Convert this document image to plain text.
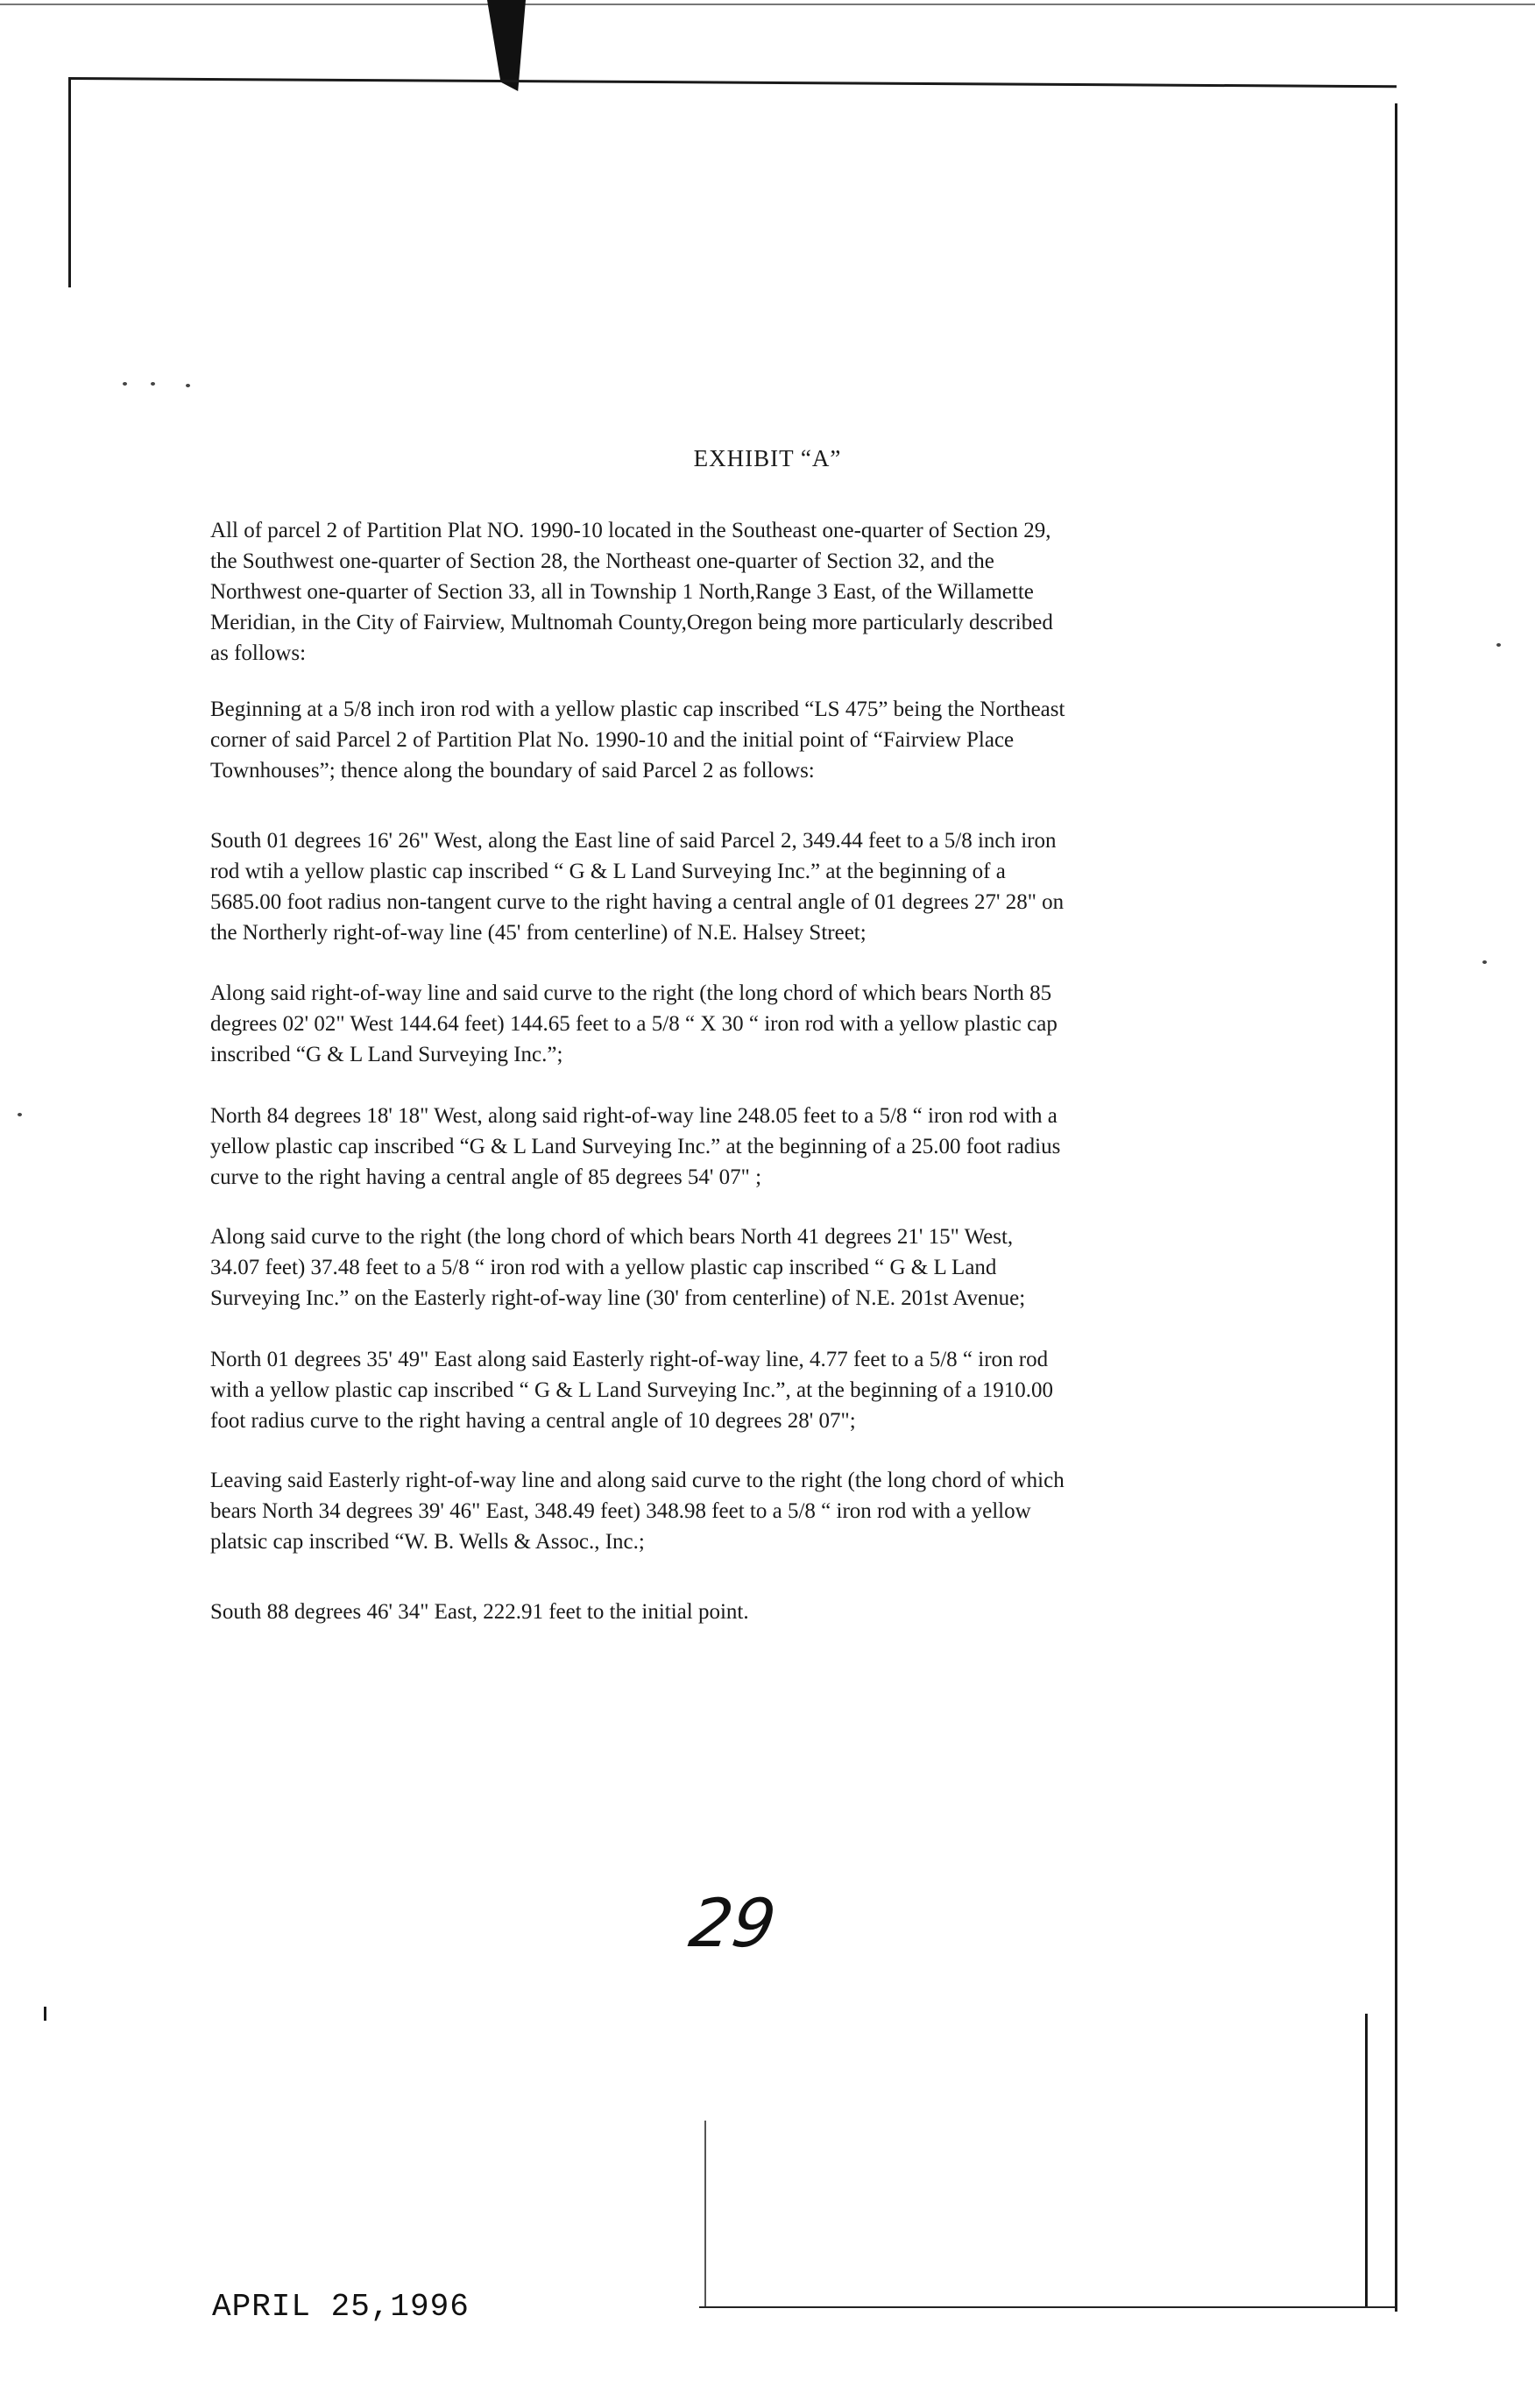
EXHIBIT “A”
All of parcel 2 of Partition Plat NO. 1990-10 located in the Southeast one-quarter of Section 29,
the Southwest one-quarter of Section 28, the Northeast one-quarter of Section 32, and the
Northwest one-quarter of Section 33, all in Township 1 North,Range 3 East, of the Willamette
Meridian, in the City of Fairview, Multnomah County,Oregon being more particularly described
as follows:
Beginning at a 5/8 inch iron rod with a yellow plastic cap inscribed “LS 475” being the Northeast
corner of said Parcel 2 of Partition Plat No. 1990-10 and the initial point of “Fairview Place
Townhouses”; thence along the boundary of said Parcel 2 as follows:
South 01 degrees 16' 26" West, along the East line of said Parcel 2, 349.44 feet to a 5/8 inch iron
rod wtih a yellow plastic cap inscribed “ G & L Land Surveying Inc.” at the beginning of a
5685.00 foot radius non-tangent curve to the right having a central angle of 01 degrees 27' 28" on
the Northerly right-of-way line (45' from centerline) of N.E. Halsey Street;
Along said right-of-way line and said curve to the right (the long chord of which bears North 85
degrees 02' 02" West 144.64 feet) 144.65 feet to a 5/8 “ X 30 “ iron rod with a yellow plastic cap
inscribed “G & L Land Surveying Inc.”;
North 84 degrees 18' 18" West, along said right-of-way line 248.05 feet to a 5/8 “ iron rod with a
yellow plastic cap inscribed “G & L Land Surveying Inc.” at the beginning of a 25.00 foot radius
curve to the right having a central angle of 85 degrees 54' 07" ;
Along said curve to the right (the long chord of which bears North 41 degrees 21' 15" West,
34.07 feet) 37.48 feet to a 5/8 “ iron rod with a yellow plastic cap inscribed “ G & L Land
Surveying Inc.” on the Easterly right-of-way line (30' from centerline) of N.E. 201st Avenue;
North 01 degrees 35' 49" East along said Easterly right-of-way line, 4.77 feet to a 5/8 “ iron rod
with a yellow plastic cap inscribed “ G & L Land Surveying Inc.”, at the beginning of a 1910.00
foot radius curve to the right having a central angle of 10 degrees 28' 07";
Leaving said Easterly right-of-way line and along said curve to the right (the long chord of which
bears North 34 degrees 39' 46" East, 348.49 feet) 348.98 feet to a 5/8 “ iron rod with a yellow
platsic cap inscribed “W. B. Wells & Assoc., Inc.;
South 88 degrees 46' 34" East, 222.91 feet to the initial point.
29
APRIL 25,1996
